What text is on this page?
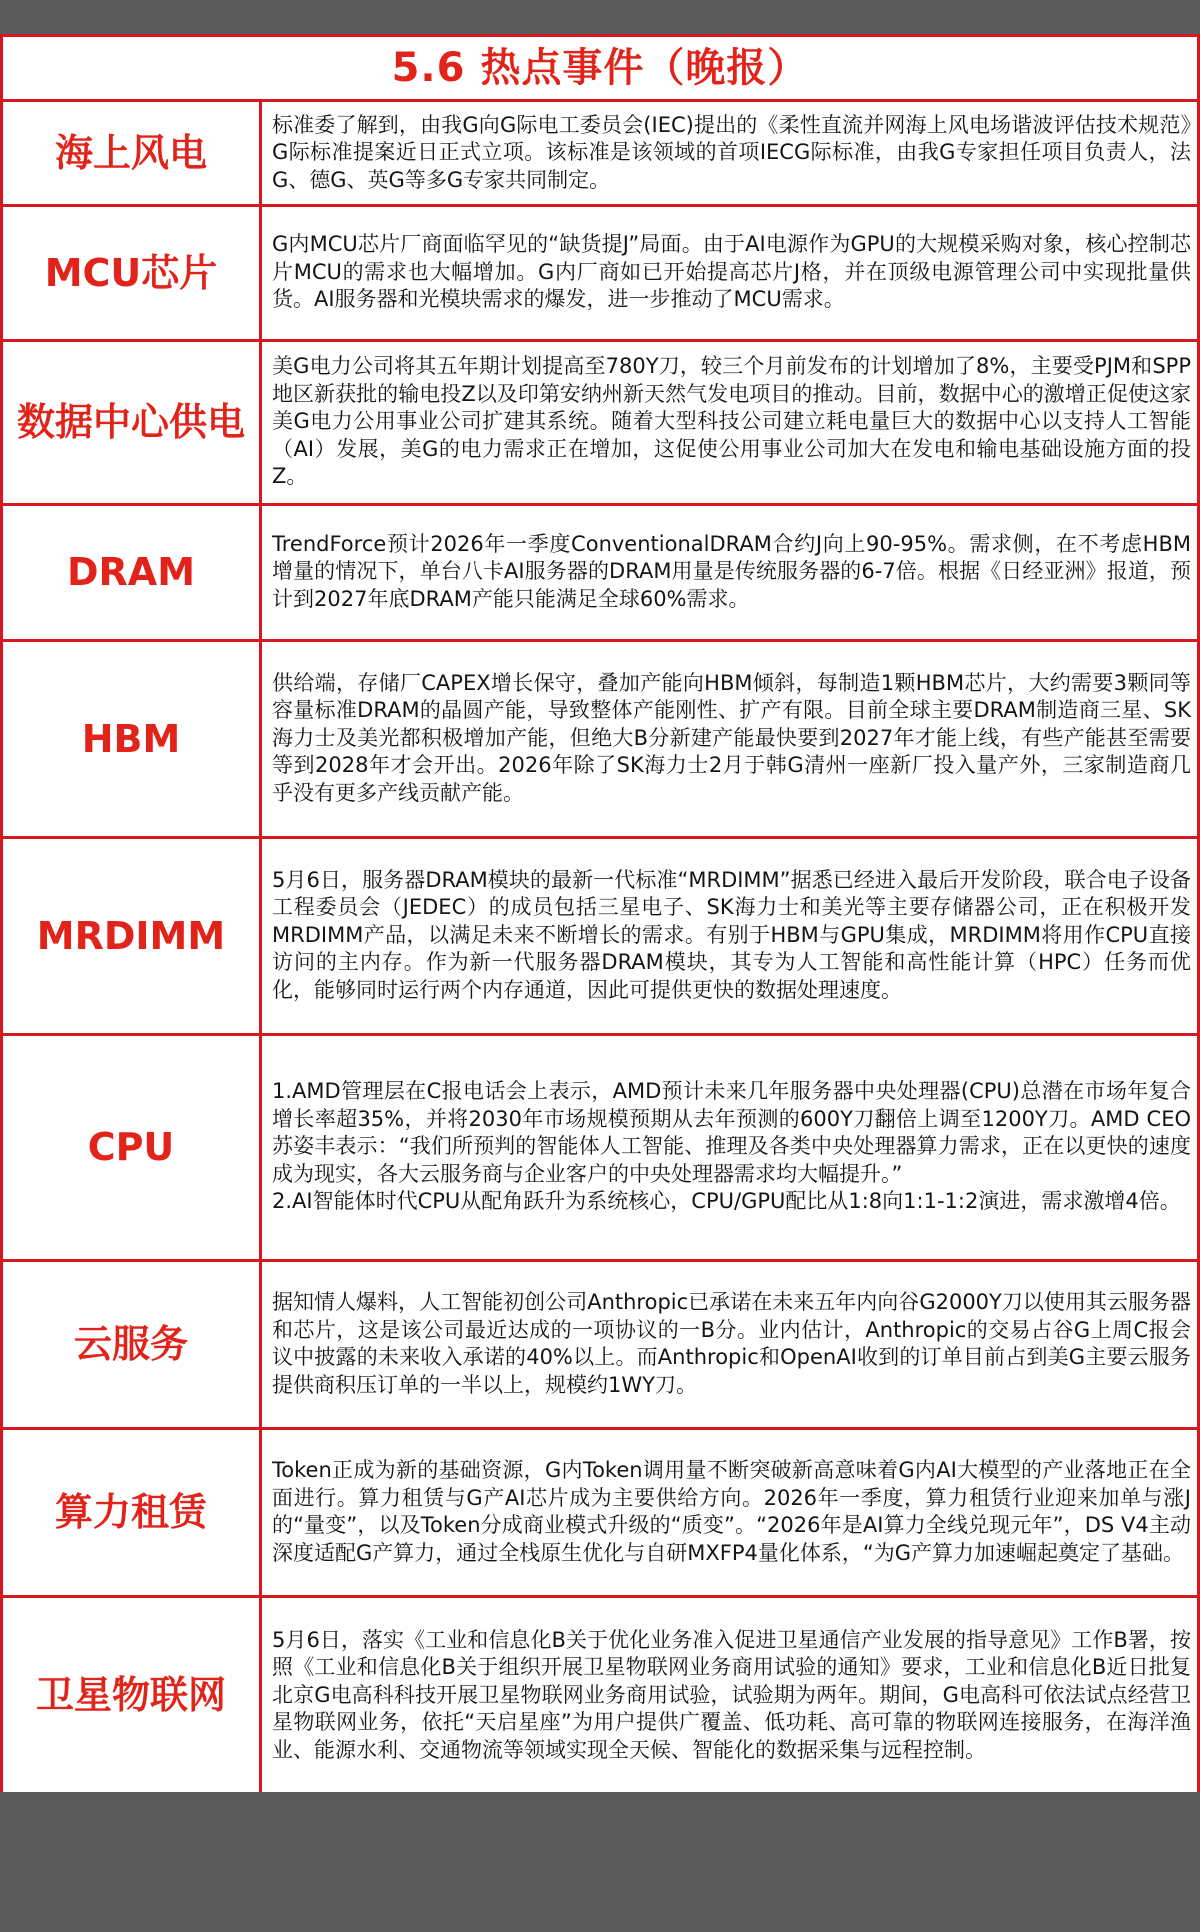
5.6 热点事件（晚报）
海上风电	标准委了解到，由我G向G际电工委员会(IEC)提出的《柔性直流并网海上风电场谐波评估技术规范》G际标准提案近日正式立项。该标准是该领域的首项IECG际标准，由我G专家担任项目负责人，法G、德G、英G等多G专家共同制定。
MCU芯片	G内MCU芯片厂商面临罕见的“缺货提J”局面。由于AI电源作为GPU的大规模采购对象，核心控制芯片MCU的需求也大幅增加。G内厂商如已开始提高芯片J格，并在顶级电源管理公司中实现批量供货。AI服务器和光模块需求的爆发，进一步推动了MCU需求。
数据中心供电	美G电力公司将其五年期计划提高至780Y刀，较三个月前发布的计划增加了8%，主要受PJM和SPP地区新获批的输电投Z以及印第安纳州新天然气发电项目的推动。目前，数据中心的激增正促使这家美G电力公用事业公司扩建其系统。随着大型科技公司建立耗电量巨大的数据中心以支持人工智能（AI）发展，美G的电力需求正在增加，这促使公用事业公司加大在发电和输电基础设施方面的投Z。
DRAM	TrendForce预计2026年一季度ConventionalDRAM合约J向上90-95%。需求侧，在不考虑HBM增量的情况下，单台八卡AI服务器的DRAM用量是传统服务器的6-7倍。根据《日经亚洲》报道，预计到2027年底DRAM产能只能满足全球60%需求。
HBM	供给端，存储厂CAPEX增长保守，叠加产能向HBM倾斜，每制造1颗HBM芯片，大约需要3颗同等容量标准DRAM的晶圆产能，导致整体产能刚性、扩产有限。目前全球主要DRAM制造商三星、SK海力士及美光都积极增加产能，但绝大B分新建产能最快要到2027年才能上线，有些产能甚至需要等到2028年才会开出。2026年除了SK海力士2月于韩G清州一座新厂投入量产外，三家制造商几乎没有更多产线贡献产能。
MRDIMM	5月6日，服务器DRAM模块的最新一代标准“MRDIMM”据悉已经进入最后开发阶段，联合电子设备工程委员会（JEDEC）的成员包括三星电子、SK海力士和美光等主要存储器公司，正在积极开发MRDIMM产品，以满足未来不断增长的需求。有别于HBM与GPU集成，MRDIMM将用作CPU直接访问的主内存。作为新一代服务器DRAM模块，其专为人工智能和高性能计算（HPC）任务而优化，能够同时运行两个内存通道，因此可提供更快的数据处理速度。
CPU	1.AMD管理层在C报电话会上表示，AMD预计未来几年服务器中央处理器(CPU)总潜在市场年复合增长率超35%，并将2030年市场规模预期从去年预测的600Y刀翻倍上调至1200Y刀。AMD CEO苏姿丰表示：“我们所预判的智能体人工智能、推理及各类中央处理器算力需求，正在以更快的速度成为现实，各大云服务商与企业客户的中央处理器需求均大幅提升。”
2.AI智能体时代CPU从配角跃升为系统核心，CPU/GPU配比从1:8向1:1-1:2演进，需求激增4倍。

云服务	据知情人爆料，人工智能初创公司Anthropic已承诺在未来五年内向谷G2000Y刀以使用其云服务器和芯片，这是该公司最近达成的一项协议的一B分。业内估计，Anthropic的交易占谷G上周C报会议中披露的未来收入承诺的40%以上。而Anthropic和OpenAI收到的订单目前占到美G主要云服务提供商积压订单的一半以上，规模约1WY刀。
算力租赁	Token正成为新的基础资源，G内Token调用量不断突破新高意味着G内AI大模型的产业落地正在全面进行。算力租赁与G产AI芯片成为主要供给方向。2026年一季度，算力租赁行业迎来加单与涨J的“量变”，以及Token分成商业模式升级的“质变”。“2026年是AI算力全线兑现元年”，DS V4主动深度适配G产算力，通过全栈原生优化与自研MXFP4量化体系，“为G产算力加速崛起奠定了基础。
卫星物联网	5月6日，落实《工业和信息化B关于优化业务准入促进卫星通信产业发展的指导意见》工作B署，按照《工业和信息化B关于组织开展卫星物联网业务商用试验的通知》要求，工业和信息化B近日批复北京G电高科科技开展卫星物联网业务商用试验，试验期为两年。期间，G电高科可依法试点经营卫星物联网业务，依托“天启星座”为用户提供广覆盖、低功耗、高可靠的物联网连接服务，在海洋渔业、能源水利、交通物流等领域实现全天候、智能化的数据采集与远程控制。
